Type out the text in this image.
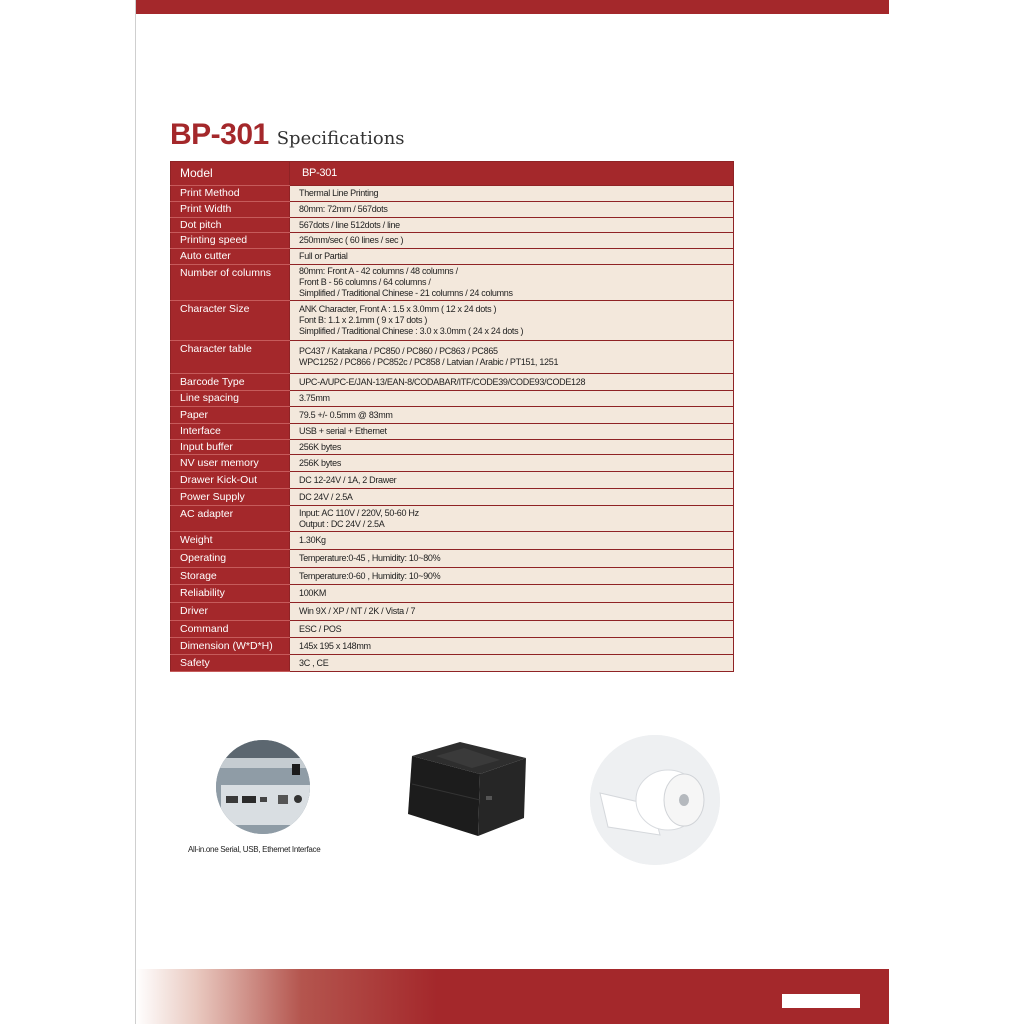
BP-301 Specifications
Model	BP-301
Print Method	Thermal Line Printing

Print Width	80mm: 72mm / 567dots

Dot pitch	567dots / line 512dots / line

Printing speed	250mm/sec ( 60 lines / sec )

Auto cutter	Full or Partial

Number of columns	80mm: Front A - 42 columns / 48 columns /
Front B - 56 columns / 64 columns /
Simplified / Traditional Chinese - 21 columns / 24 columns

Character Size	ANK Character, Front A : 1.5 x 3.0mm ( 12 x 24 dots )
Font B: 1.1 x 2.1mm ( 9 x 17 dots )
Simplified / Traditional Chinese : 3.0 x 3.0mm ( 24 x 24 dots )

Character table	PC437 / Katakana / PC850 / PC860 / PC863 / PC865
WPC1252 / PC866 / PC852c / PC858 / Latvian / Arabic / PT151, 1251

Barcode Type	UPC-A/UPC-E/JAN-13/EAN-8/CODABAR/ITF/CODE39/CODE93/CODE128

Line spacing	3.75mm

Paper	79.5 +/- 0.5mm @ 83mm

Interface	USB + serial + Ethernet

Input buffer	256K bytes

NV user memory	256K bytes

Drawer Kick-Out	DC 12-24V / 1A, 2 Drawer

Power Supply	DC 24V / 2.5A

AC adapter	Input: AC 110V / 220V, 50-60 Hz
Output : DC 24V / 2.5A

Weight	1.30Kg

Operating	Temperature:0-45 , Humidity: 10~80%

Storage	Temperature:0-60 , Humidity: 10~90%

Reliability	100KM

Driver	Win 9X / XP / NT / 2K / Vista / 7

Command	ESC / POS

Dimension (W*D*H)	145x 195 x 148mm

Safety	3C , CE
All-in.one Serial, USB, Ethernet Interface
